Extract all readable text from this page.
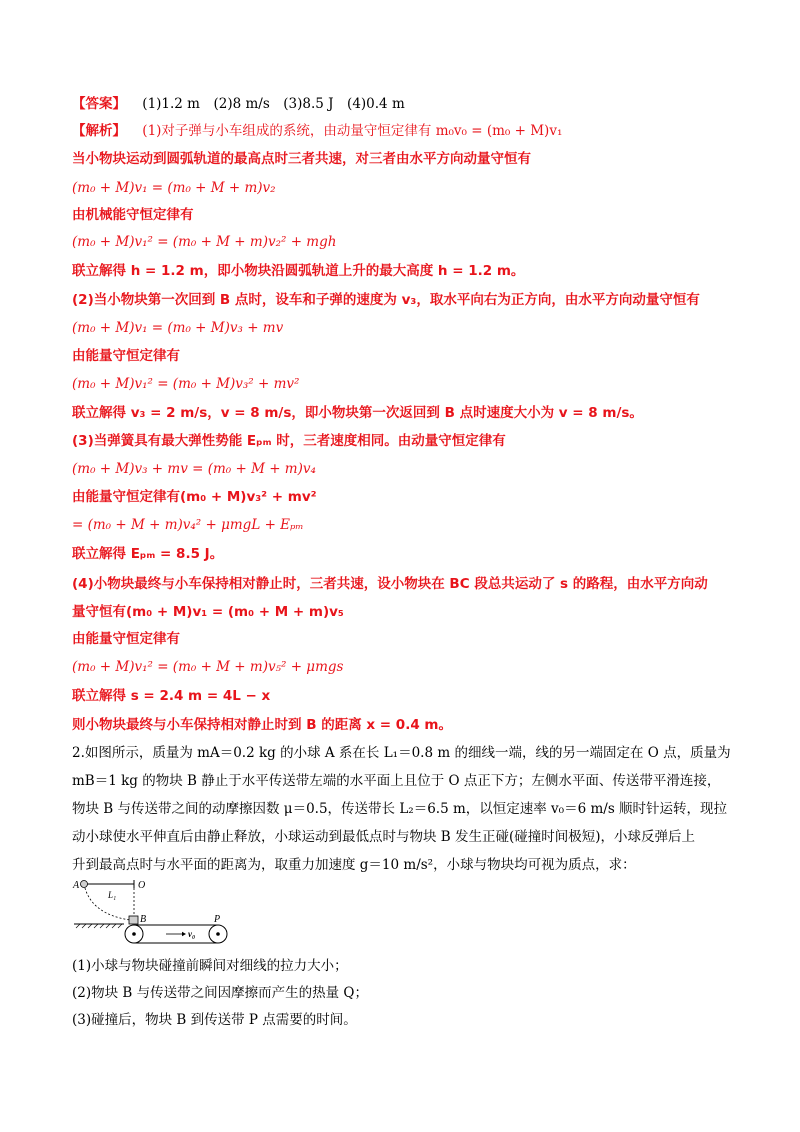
【答案】 (1)1.2 m　(2)8 m/s　(3)8.5 J　(4)0.4 m
【解析】 (1)对子弹与小车组成的系统，由动量守恒定律有 m₀v₀ = (m₀ + M)v₁
当小物块运动到圆弧轨道的最高点时三者共速，对三者由水平方向动量守恒有
(m₀ + M)v₁ = (m₀ + M + m)v₂
由机械能守恒定律有
(m₀ + M)v₁² = (m₀ + M + m)v₂² + mgh
联立解得 h = 1.2 m，即小物块沿圆弧轨道上升的最大高度 h = 1.2 m。
(2)当小物块第一次回到 B 点时，设车和子弹的速度为 v₃，取水平向右为正方向，由水平方向动量守恒有
(m₀ + M)v₁ = (m₀ + M)v₃ + mv
由能量守恒定律有
(m₀ + M)v₁² = (m₀ + M)v₃² + mv²
联立解得 v₃ = 2 m/s，v = 8 m/s，即小物块第一次返回到 B 点时速度大小为 v = 8 m/s。
(3)当弹簧具有最大弹性势能 Eₚₘ 时，三者速度相同。由动量守恒定律有
(m₀ + M)v₃ + mv = (m₀ + M + m)v₄
由能量守恒定律有(m₀ + M)v₃² + mv²
= (m₀ + M + m)v₄² + μmgL + Eₚₘ
联立解得 Eₚₘ = 8.5 J。
(4)小物块最终与小车保持相对静止时，三者共速，设小物块在 BC 段总共运动了 s 的路程，由水平方向动
量守恒有(m₀ + M)v₁ = (m₀ + M + m)v₅
由能量守恒定律有
(m₀ + M)v₁² = (m₀ + M + m)v₅² + μmgs
联立解得 s = 2.4 m = 4L − x
则小物块最终与小车保持相对静止时到 B 的距离 x = 0.4 m。
2.如图所示，质量为 mA＝0.2 kg 的小球 A 系在长 L₁＝0.8 m 的细线一端，线的另一端固定在 O 点，质量为
mB＝1 kg 的物块 B 静止于水平传送带左端的水平面上且位于 O 点正下方；左侧水平面、传送带平滑连接，
物块 B 与传送带之间的动摩擦因数 μ＝0.5，传送带长 L₂＝6.5 m，以恒定速率 v₀＝6 m/s 顺时针运转，现拉
动小球使水平伸直后由静止释放，小球运动到最低点时与物块 B 发生正碰(碰撞时间极短)，小球反弹后上
升到最高点时与水平面的距离为，取重力加速度 g＝10 m/s²，小球与物块均可视为质点，求：
A	O
L₁
B	P
v₀
(1)小球与物块碰撞前瞬间对细线的拉力大小；
(2)物块 B 与传送带之间因摩擦而产生的热量 Q；
(3)碰撞后，物块 B 到传送带 P 点需要的时间。
